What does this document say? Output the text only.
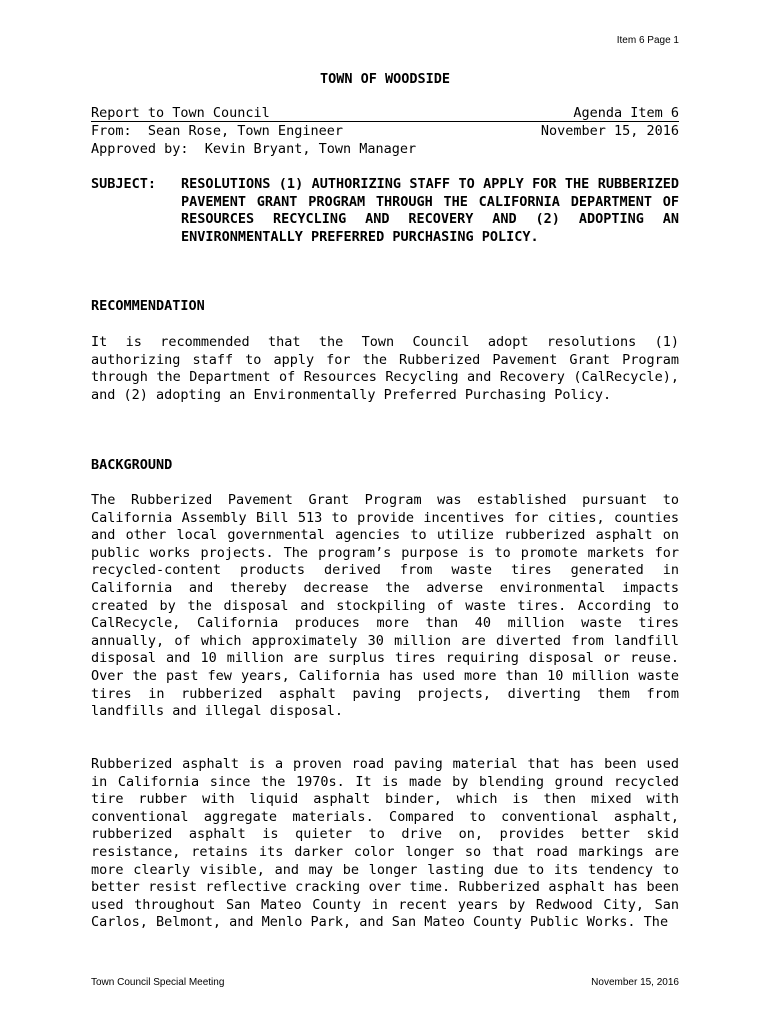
Item 6 Page 1
TOWN OF WOODSIDE
Report to Town Council	Agenda Item 6
From:  Sean Rose, Town Engineer	November 15, 2016
Approved by:  Kevin Bryant, Town Manager
SUBJECT:	RESOLUTIONS (1) AUTHORIZING STAFF TO APPLY FOR THE RUBBERIZED PAVEMENT GRANT PROGRAM THROUGH THE CALIFORNIA DEPARTMENT OF RESOURCES RECYCLING AND RECOVERY AND (2) ADOPTING AN ENVIRONMENTALLY PREFERRED PURCHASING POLICY.
RECOMMENDATION

It is recommended that the Town Council adopt resolutions (1) authorizing staff to apply for the Rubberized Pavement Grant Program through the Department of Resources Recycling and Recovery (CalRecycle), and (2) adopting an Environmentally Preferred Purchasing Policy.

BACKGROUND

The Rubberized Pavement Grant Program was established pursuant to California Assembly Bill 513 to provide incentives for cities, counties and other local governmental agencies to utilize rubberized asphalt on public works projects. The program’s purpose is to promote markets for recycled-content products derived from waste tires generated in California and thereby decrease the adverse environmental impacts created by the disposal and stockpiling of waste tires. According to CalRecycle, California produces more than 40 million waste tires annually, of which approximately 30 million are diverted from landfill disposal and 10 million are surplus tires requiring disposal or reuse. Over the past few years, California has used more than 10 million waste tires in rubberized asphalt paving projects, diverting them from landfills and illegal disposal.

Rubberized asphalt is a proven road paving material that has been used in California since the 1970s. It is made by blending ground recycled tire rubber with liquid asphalt binder, which is then mixed with conventional aggregate materials. Compared to conventional asphalt, rubberized asphalt is quieter to drive on, provides better skid resistance, retains its darker color longer so that road markings are more clearly visible, and may be longer lasting due to its tendency to better resist reflective cracking over time. Rubberized asphalt has been used throughout San Mateo County in recent years by Redwood City, San Carlos, Belmont, and Menlo Park, and San Mateo County Public Works. The

Town Council Special Meeting	November 15, 2016
